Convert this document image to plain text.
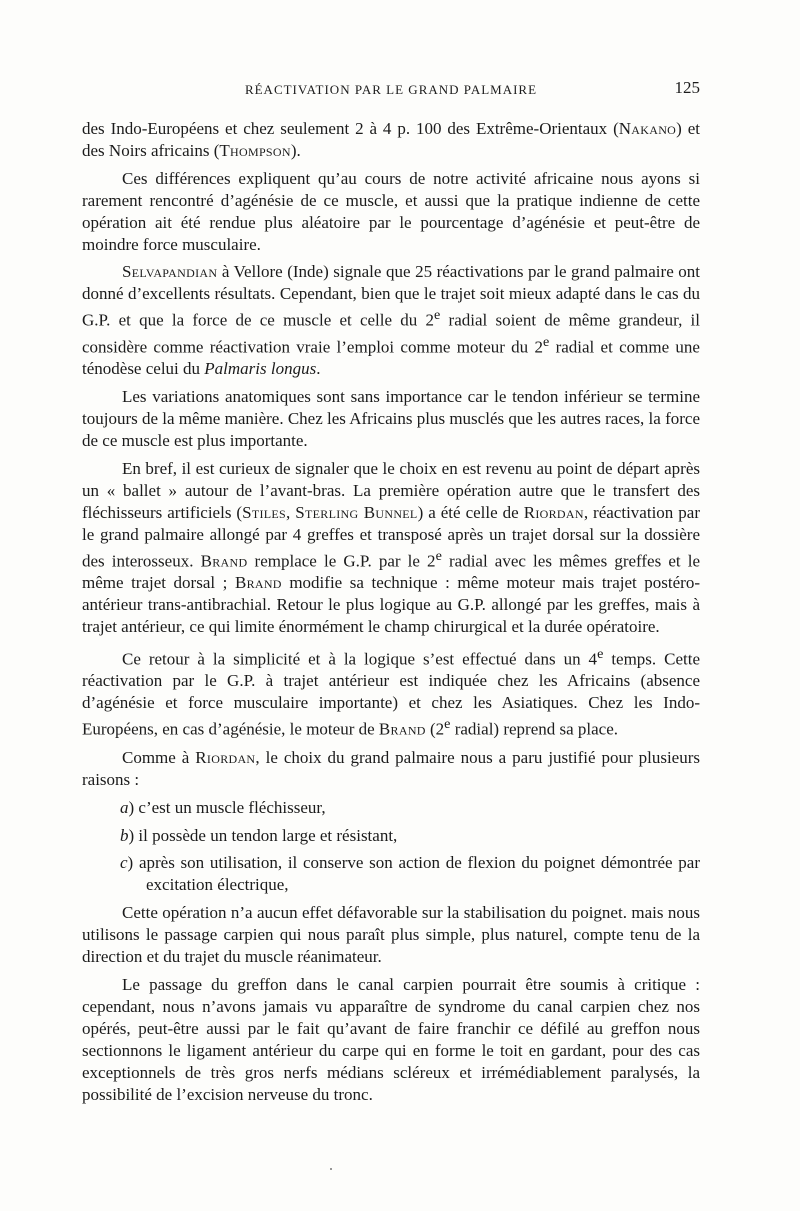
RÉACTIVATION PAR LE GRAND PALMAIRE	125

des Indo-Européens et chez seulement 2 à 4 p. 100 des Extrême-Orientaux (Nakano) et des Noirs africains (Thompson).

Ces différences expliquent qu’au cours de notre activité africaine nous ayons si rarement rencontré d’agénésie de ce muscle, et aussi que la pratique indienne de cette opération ait été rendue plus aléatoire par le pourcentage d’agénésie et peut-être de moindre force musculaire.

Selvapandian à Vellore (Inde) signale que 25 réactivations par le grand palmaire ont donné d’excellents résultats. Cependant, bien que le trajet soit mieux adapté dans le cas du G.P. et que la force de ce muscle et celle du 2e radial soient de même grandeur, il considère comme réactivation vraie l’emploi comme moteur du 2e radial et comme une ténodèse celui du Palmaris longus.

Les variations anatomiques sont sans importance car le tendon inférieur se termine toujours de la même manière. Chez les Africains plus musclés que les autres races, la force de ce muscle est plus importante.

En bref, il est curieux de signaler que le choix en est revenu au point de départ après un « ballet » autour de l’avant-bras. La première opération autre que le transfert des fléchisseurs artificiels (Stiles, Sterling Bunnel) a été celle de Riordan, réactivation par le grand palmaire allongé par 4 greffes et transposé après un trajet dorsal sur la dossière des interosseux. Brand remplace le G.P. par le 2e radial avec les mêmes greffes et le même trajet dorsal ; Brand modifie sa technique : même moteur mais trajet postéro-antérieur trans-antibrachial. Retour le plus logique au G.P. allongé par les greffes, mais à trajet antérieur, ce qui limite énormément le champ chirurgical et la durée opératoire.

Ce retour à la simplicité et à la logique s’est effectué dans un 4e temps. Cette réactivation par le G.P. à trajet antérieur est indiquée chez les Africains (absence d’agénésie et force musculaire importante) et chez les Asiatiques. Chez les Indo-Européens, en cas d’agénésie, le moteur de Brand (2e radial) reprend sa place.

Comme à Riordan, le choix du grand palmaire nous a paru justifié pour plusieurs raisons :

a) c’est un muscle fléchisseur,
b) il possède un tendon large et résistant,
c) après son utilisation, il conserve son action de flexion du poignet démontrée par excitation électrique,

Cette opération n’a aucun effet défavorable sur la stabilisation du poignet. mais nous utilisons le passage carpien qui nous paraît plus simple, plus naturel, compte tenu de la direction et du trajet du muscle réanimateur.

Le passage du greffon dans le canal carpien pourrait être soumis à critique : cependant, nous n’avons jamais vu apparaître de syndrome du canal carpien chez nos opérés, peut-être aussi par le fait qu’avant de faire franchir ce défilé au greffon nous sectionnons le ligament antérieur du carpe qui en forme le toit en gardant, pour des cas exceptionnels de très gros nerfs médians scléreux et irrémédiablement paralysés, la possibilité de l’excision nerveuse du tronc.
